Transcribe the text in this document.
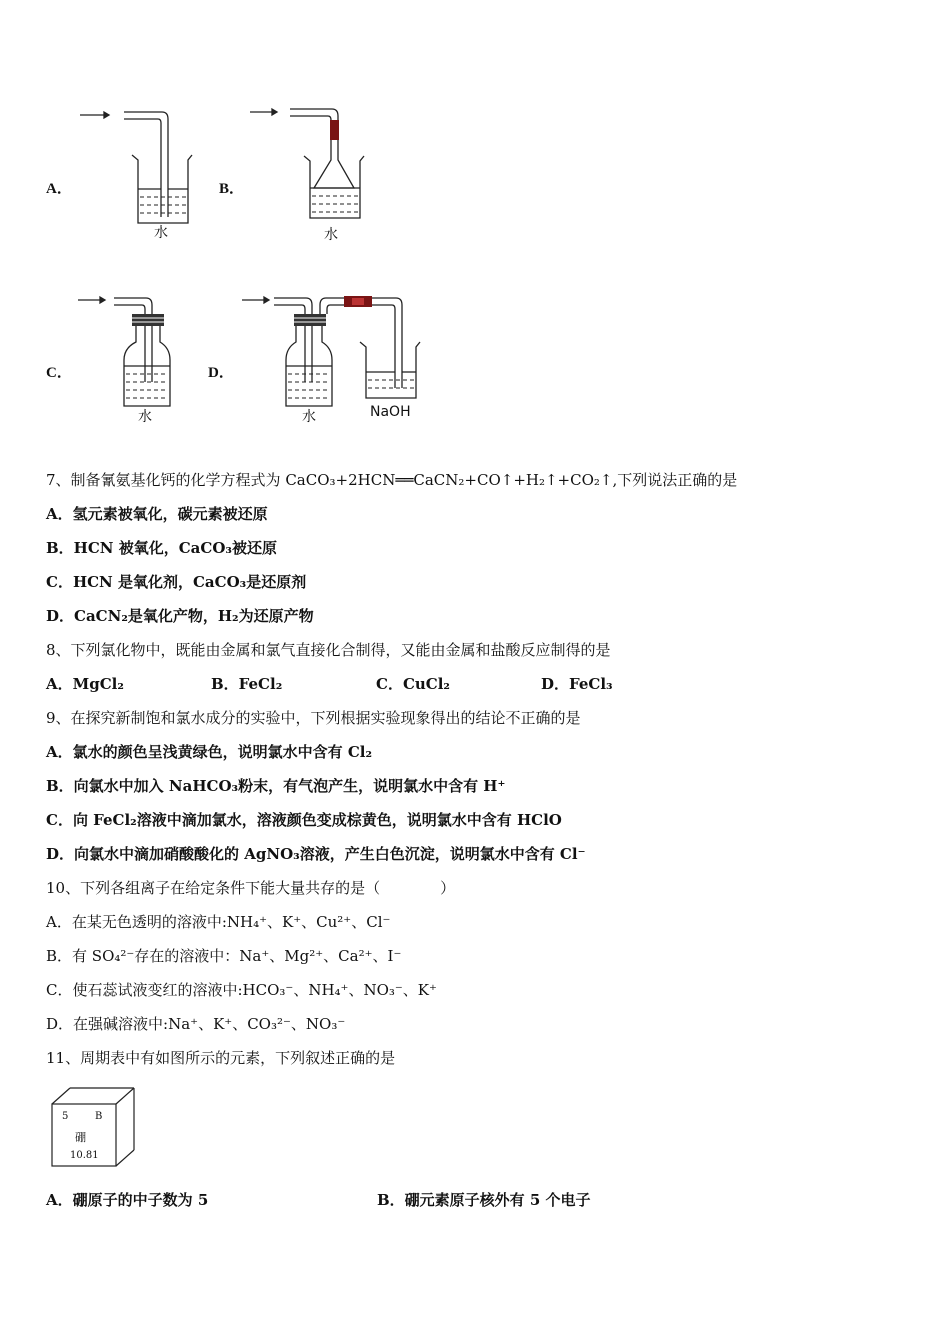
A．
水
B．
水
C．
水
D．
水	NaOH
7、制备氰氨基化钙的化学方程式为 CaCO₃+2HCN══CaCN₂+CO↑+H₂↑+CO₂↑,下列说法正确的是
A．氢元素被氧化，碳元素被还原
B．HCN 被氧化，CaCO₃被还原
C．HCN 是氧化剂，CaCO₃是还原剂
D．CaCN₂是氧化产物，H₂为还原产物
8、下列氯化物中，既能由金属和氯气直接化合制得，又能由金属和盐酸反应制得的是
A．MgCl₂	B．FeCl₂	C．CuCl₂	D．FeCl₃
9、在探究新制饱和氯水成分的实验中，下列根据实验现象得出的结论不正确的是
A．氯水的颜色呈浅黄绿色，说明氯水中含有 Cl₂
B．向氯水中加入 NaHCO₃粉末，有气泡产生，说明氯水中含有 H⁺
C．向 FeCl₂溶液中滴加氯水，溶液颜色变成棕黄色，说明氯水中含有 HClO
D．向氯水中滴加硝酸酸化的 AgNO₃溶液，产生白色沉淀，说明氯水中含有 Cl⁻
10、下列各组离子在给定条件下能大量共存的是（　　　　）
A．在某无色透明的溶液中:NH₄⁺、K⁺、Cu²⁺、Cl⁻
B．有 SO₄²⁻存在的溶液中：Na⁺、Mg²⁺、Ca²⁺、I⁻
C．使石蕊试液变红的溶液中:HCO₃⁻、NH₄⁺、NO₃⁻、K⁺
D．在强碱溶液中:Na⁺、K⁺、CO₃²⁻、NO₃⁻
11、周期表中有如图所示的元素，下列叙述正确的是
5	B
硼
10.81
A．硼原子的中子数为 5	B．硼元素原子核外有 5 个电子
